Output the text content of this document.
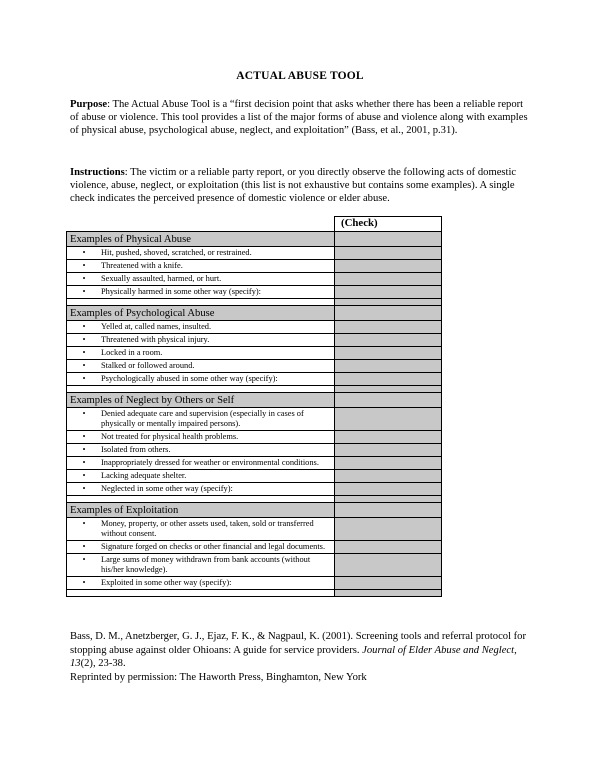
ACTUAL ABUSE TOOL
Purpose: The Actual Abuse Tool is a “first decision point that asks whether there has been a reliable report of abuse or violence. This tool provides a list of the major forms of abuse and violence along with examples of physical abuse, psychological abuse, neglect, and exploitation” (Bass, et al., 2001, p.31).
Instructions: The victim or a reliable party report, or you directly observe the following acts of domestic violence, abuse, neglect, or exploitation (this list is not exhaustive but contains some examples). A single check indicates the perceived presence of domestic violence or elder abuse.
	(Check)
Examples of Physical Abuse	

• Hit, pushed, shoved, scratched, or restrained.	

• Threatened with a knife.	

• Sexually assaulted, harmed, or hurt.	

• Physically harmed in some other way (specify):	

Examples of Psychological Abuse	

• Yelled at, called names, insulted.	

• Threatened with physical injury.	

• Locked in a room.	

• Stalked or followed around.	

• Psychologically abused in some other way (specify):	

Examples of Neglect by Others or Self	

• Denied adequate care and supervision (especially in cases of physically or mentally impaired persons).	

• Not treated for physical health problems.	

• Isolated from others.	

• Inappropriately dressed for weather or environmental conditions.	

• Lacking adequate shelter.	

• Neglected in some other way (specify):	

Examples of Exploitation	

• Money, property, or other assets used, taken, sold or transferred without consent.	

• Signature forged on checks or other financial and legal documents.	

• Large sums of money withdrawn from bank accounts (without his/her knowledge).	

• Exploited in some other way (specify):	

Bass, D. M., Anetzberger, G. J., Ejaz, F. K., & Nagpaul, K. (2001). Screening tools and referral protocol for stopping abuse against older Ohioans: A guide for service providers. Journal of Elder Abuse and Neglect, 13(2), 23-38.

Reprinted by permission: The Haworth Press, Binghamton, New York
